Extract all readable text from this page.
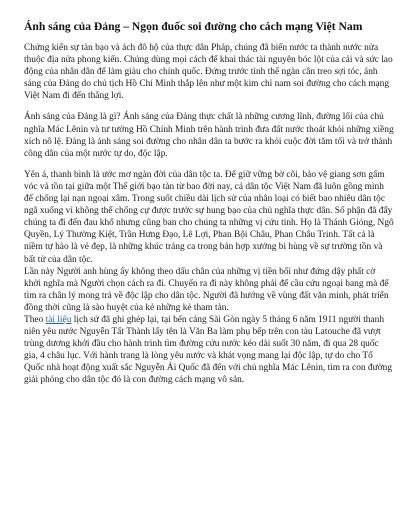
Ánh sáng của Đảng – Ngọn đuốc soi đường cho cách mạng Việt Nam

Chứng kiến sự tàn bạo và ách đô hộ của thực dân Pháp, chúng đã biến nước ta thành nước nửa thuộc địa nửa phong kiến. Chúng dùng mọi cách để khai thác tài nguyên bóc lột của cải và sức lao động của nhân dân để làm giàu cho chính quốc. Đứng trước tình thế ngàn cân treo sợi tóc, ánh sáng của Đảng do chủ tịch Hồ Chí Minh thắp lên như một kim chỉ nam soi đường cho cách mạng Việt Nam đi đến thắng lợi.

Ánh sáng của Đảng là gì? Ánh sáng của Đảng thực chất là những cương lĩnh, đường lối của chủ nghĩa Mác Lênin và tư tưởng Hồ Chính Minh trên hành trình đưa đất nước thoát khỏi những xiềng xích nô lệ. Đảng là ánh sáng soi đường cho nhân dân ta bước ra khỏi cuộc đời tăm tối và trở thành công dân của một nước tự do, độc lập.

Yên á, thanh bình là ước mơ ngàn đời của dân tộc ta. Để giữ vững bờ cõi, bảo vệ giang sơn gấm vóc và tồn tại giữa một Thế giới bạo tàn từ bao đời nay, cả dân tộc Việt Nam đã luôn gồng mình để chống lại nạn ngoại xâm. Trong suốt chiều dài lịch sử của nhân loại có biết bao nhiêu dân tộc ngã xuống vì không thể chống cự được trước sự hung bạo của chủ nghĩa thực dân. Số phận đã đẩy chúng ta đi đến đau khổ nhưng cũng ban cho chúng ta những vị cứu tinh. Họ là Thánh Gióng, Ngô Quyền, Lý Thường Kiệt, Trần Hưng Đạo, Lê Lợi, Phan Bội Châu, Phan Châu Trinh. Tất cả là niềm tự hào là vẻ đẹp, là những khúc tráng ca trong bản hợp xướng bi hùng về sự trường tồn và bất tử của dân tộc.

Lần này Người anh hùng ấy không theo dấu chân của những vị tiền bối như đứng dậy phất cờ khởi nghĩa mà Người chọn cách ra đi. Chuyến ra đi này không phải để cầu cứu ngoại bang mà để tìm ra chân lý mong trả về độc lập cho dân tộc. Người đã hướng về vùng đất văn minh, phát triển đồng thời cũng là sào huyệt của kẻ những kẻ tham tàn.

Theo tài liệu lịch sử đã ghi ghép lại, tại bến cảng Sài Gòn ngày 5 tháng 6 năm 1911 người thanh niên yêu nước Nguyễn Tất Thành lấy tên là Văn Ba làm phụ bếp trên con tàu Latouche đã vượt trùng dương khởi đầu cho hành trình tìm đường cứu nước kéo dài suốt 30 năm, đi qua 28 quốc gia, 4 châu lục. Với hành trang là lòng yêu nước và khát vọng mang lại độc lập, tự do cho Tổ Quốc nhà hoạt động xuất sắc Nguyễn Ái Quốc đã đến với chủ nghĩa Mác Lênin, tìm ra con đường giải phóng cho dân tộc đó là con đường cách mạng vô sản.
